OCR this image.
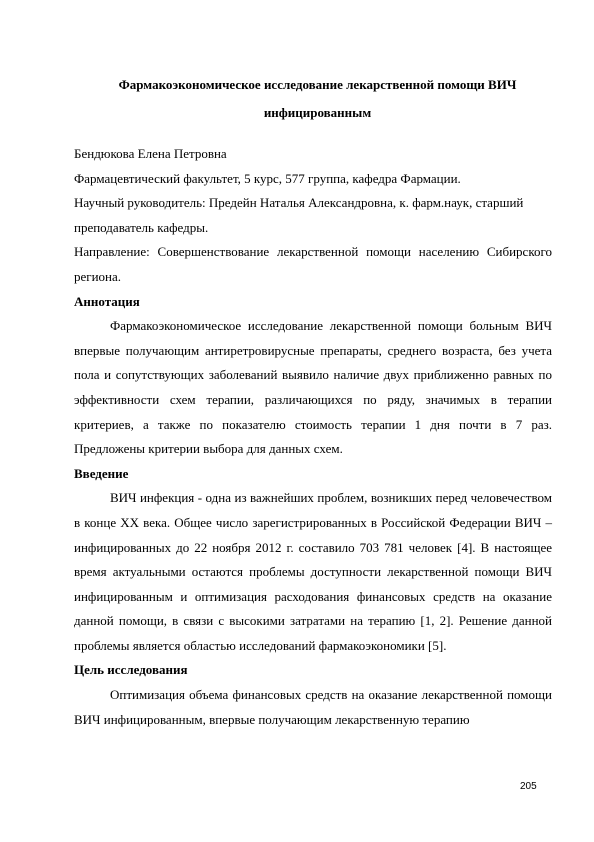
Фармакоэкономическое исследование лекарственной помощи ВИЧ инфицированным

Бендюкова Елена Петровна

Фармацевтический факультет, 5 курс, 577 группа, кафедра Фармации.

Научный руководитель: Предейн Наталья Александровна, к. фарм.наук, старший преподаватель кафедры.

Направление: Совершенствование лекарственной помощи населению Сибирского региона.

Аннотация

Фармакоэкономическое исследование лекарственной помощи больным ВИЧ впервые получающим антиретровирусные препараты, среднего возраста, без учета пола и сопутствующих заболеваний выявило наличие двух приближенно равных по эффективности схем терапии, различающихся по ряду, значимых в терапии критериев, а также по показателю стоимость терапии 1 дня почти в 7 раз. Предложены критерии выбора для данных схем.

Введение

ВИЧ инфекция - одна из важнейших проблем, возникших перед человечеством в конце XX века. Общее число зарегистрированных в Российской Федерации ВИЧ – инфицированных до 22 ноября 2012 г. составило 703 781 человек [4]. В настоящее время актуальными остаются проблемы доступности лекарственной помощи ВИЧ инфицированным и оптимизация расходования финансовых средств на оказание данной помощи, в связи с высокими затратами на терапию [1, 2]. Решение данной проблемы является областью исследований фармакоэкономики [5].

Цель исследования

Оптимизация объема финансовых средств на оказание лекарственной помощи ВИЧ инфицированным, впервые получающим лекарственную терапию

205
